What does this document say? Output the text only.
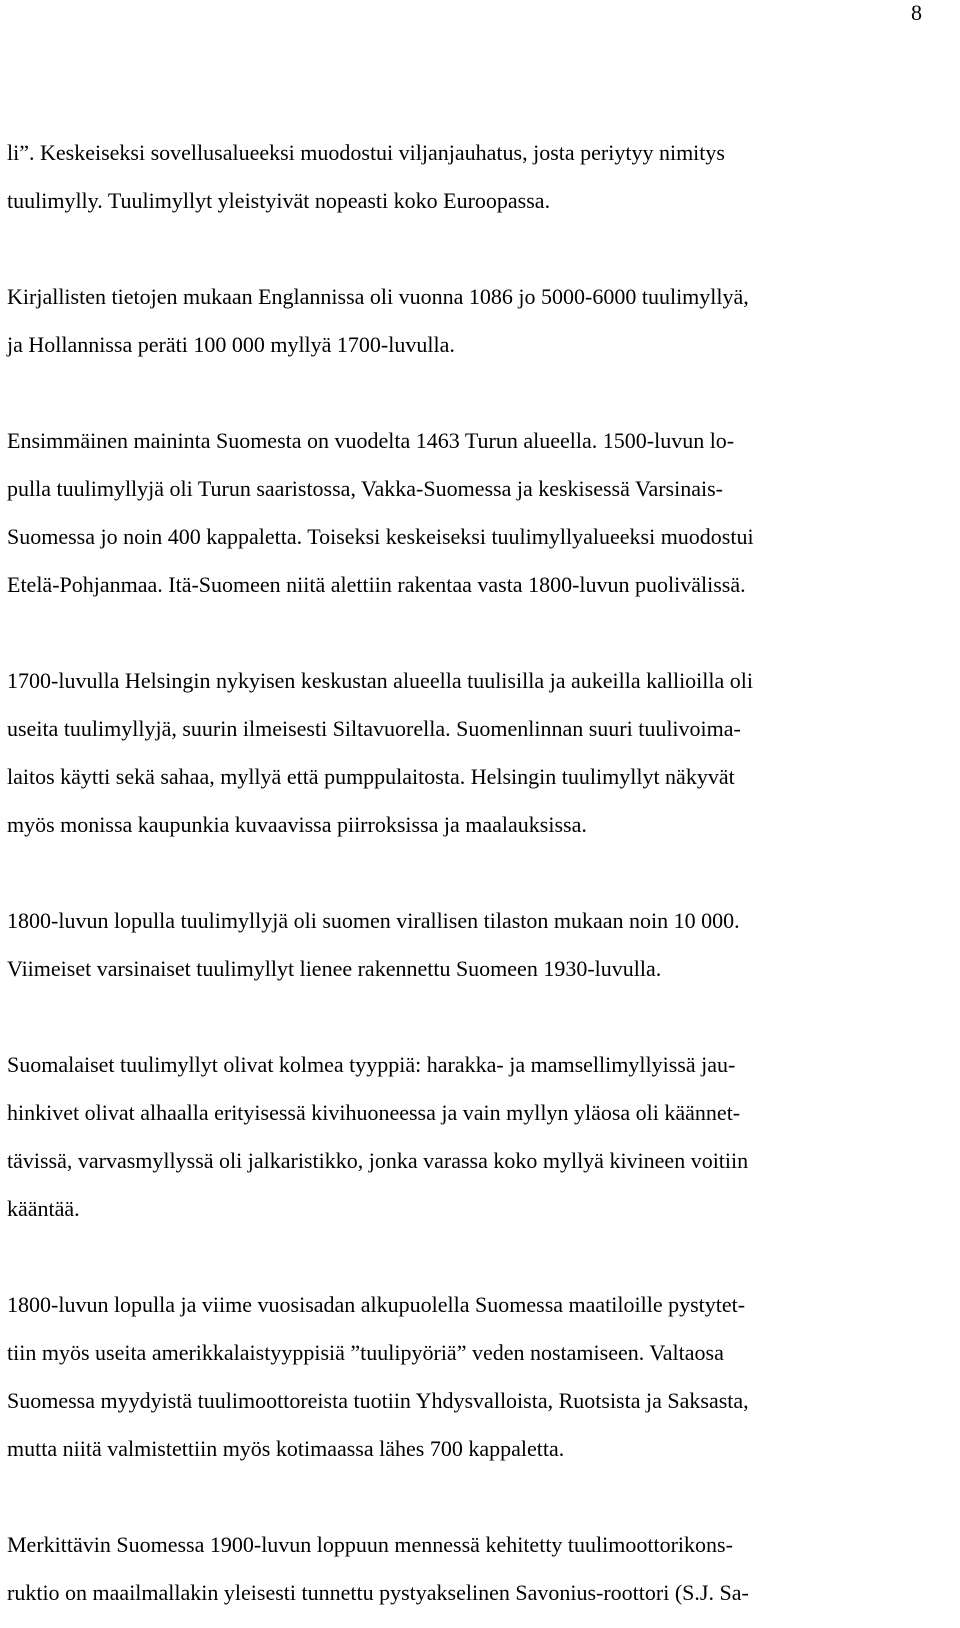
8
li”. Keskeiseksi sovellusalueeksi muodostui viljanjauhatus, josta periytyy nimitys
tuulimylly. Tuulimyllyt yleistyivät nopeasti koko Euroopassa.
Kirjallisten tietojen mukaan Englannissa oli vuonna 1086 jo 5000-6000 tuulimyllyä,
ja Hollannissa peräti 100 000 myllyä 1700-luvulla.
Ensimmäinen maininta Suomesta on vuodelta 1463 Turun alueella. 1500-luvun lo-
pulla tuulimyllyjä oli Turun saaristossa, Vakka-Suomessa ja keskisessä Varsinais-
Suomessa jo noin 400 kappaletta. Toiseksi keskeiseksi tuulimyllyalueeksi muodostui
Etelä-Pohjanmaa. Itä-Suomeen niitä alettiin rakentaa vasta 1800-luvun puolivälissä.
1700-luvulla Helsingin nykyisen keskustan alueella tuulisilla ja aukeilla kallioilla oli
useita tuulimyllyjä, suurin ilmeisesti Siltavuorella. Suomenlinnan suuri tuulivoima-
laitos käytti sekä sahaa, myllyä että pumppulaitosta. Helsingin tuulimyllyt näkyvät
myös monissa kaupunkia kuvaavissa piirroksissa ja maalauksissa.
1800-luvun lopulla tuulimyllyjä oli suomen virallisen tilaston mukaan noin 10 000.
Viimeiset varsinaiset tuulimyllyt lienee rakennettu Suomeen 1930-luvulla.
Suomalaiset tuulimyllyt olivat kolmea tyyppiä: harakka- ja mamsellimyllyissä jau-
hinkivet olivat alhaalla erityisessä kivihuoneessa ja vain myllyn yläosa oli käännet-
tävissä, varvasmyllyssä oli jalkaristikko, jonka varassa koko myllyä kivineen voitiin
kääntää.
1800-luvun lopulla ja viime vuosisadan alkupuolella Suomessa maatiloille pystytet-
tiin myös useita amerikkalaistyyppisiä ”tuulipyöriä” veden nostamiseen. Valtaosa
Suomessa myydyistä tuulimoottoreista tuotiin Yhdysvalloista, Ruotsista ja Saksasta,
mutta niitä valmistettiin myös kotimaassa lähes 700 kappaletta.
Merkittävin Suomessa 1900-luvun loppuun mennessä kehitetty tuulimoottorikons-
ruktio on maailmallakin yleisesti tunnettu pystyakselinen Savonius-roottori (S.J. Sa-
